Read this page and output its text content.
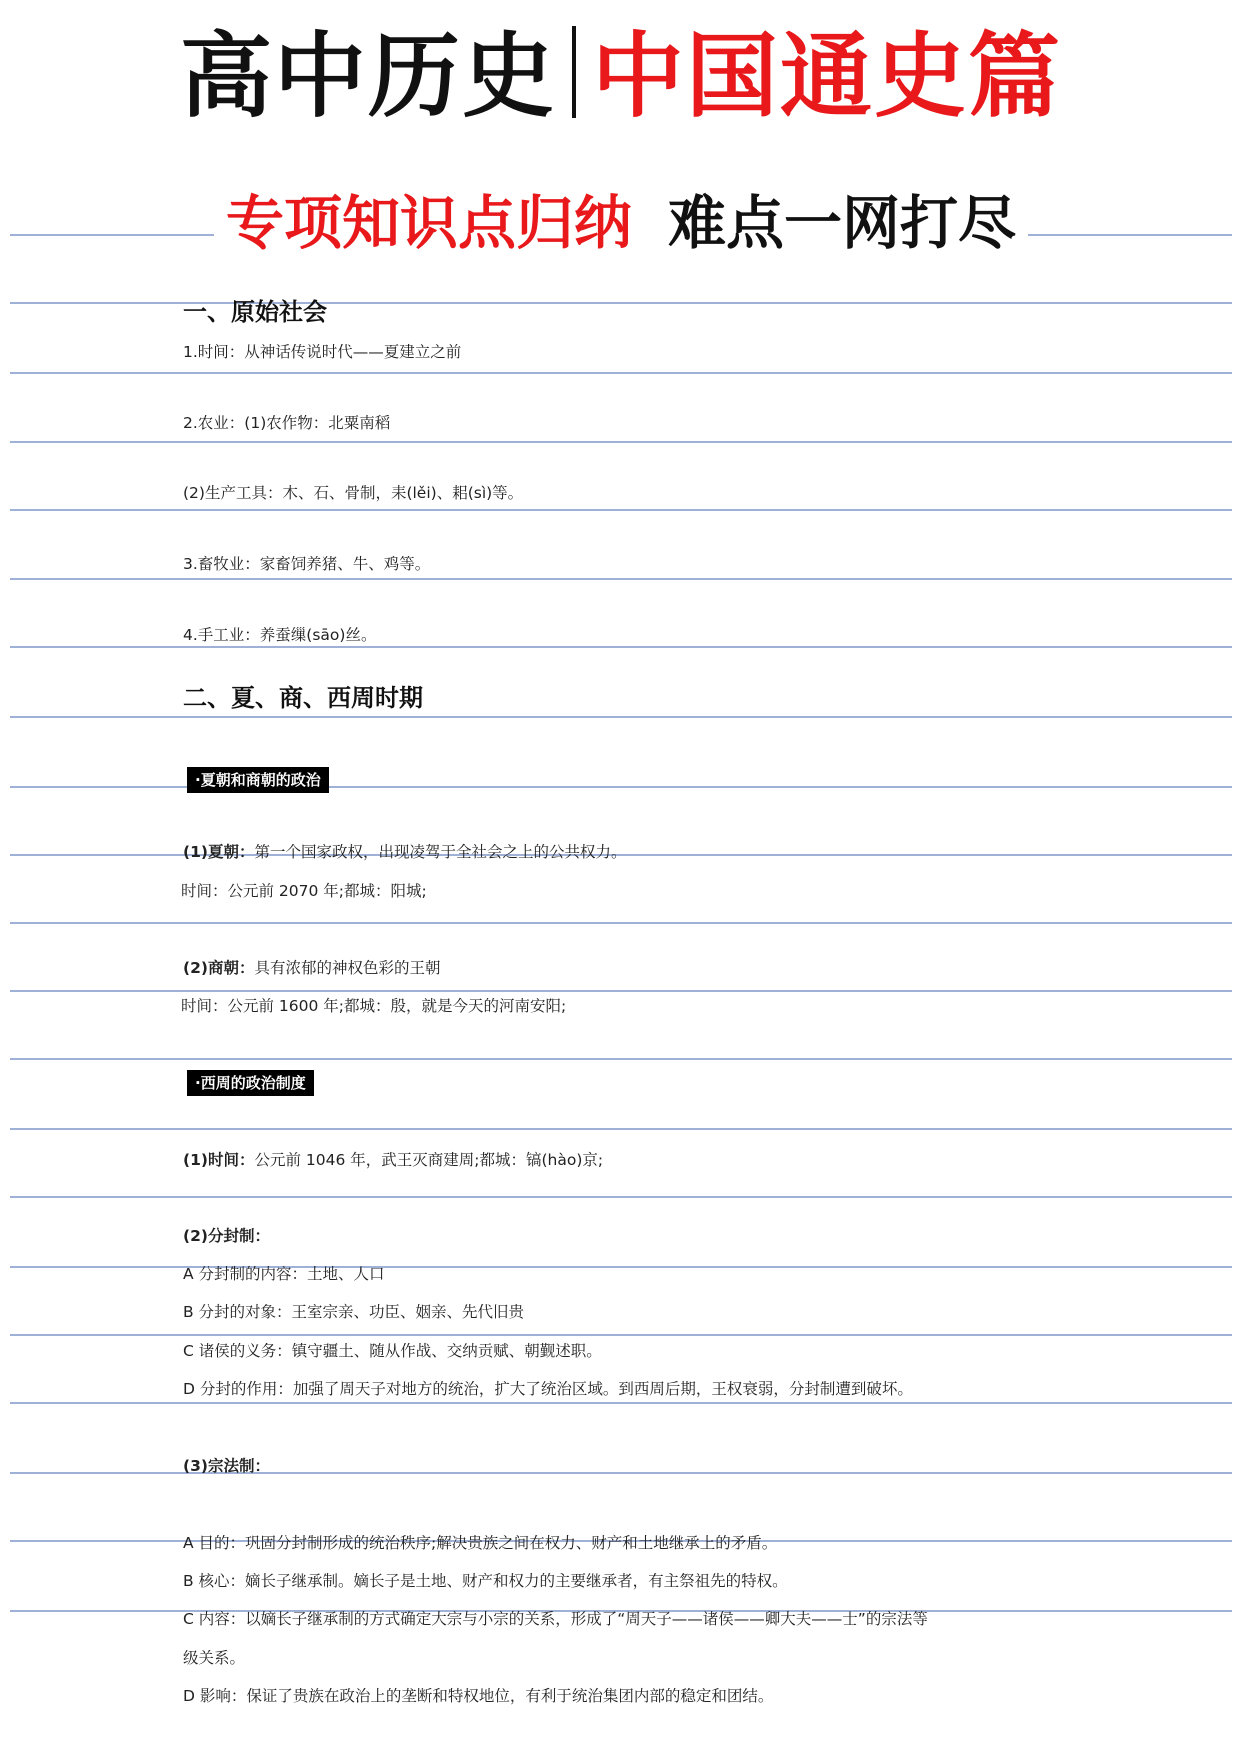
高中历史 中国通史篇
专项知识点归纳 难点一网打尽
一、原始社会
1.时间：从神话传说时代——夏建立之前
2.农业：(1)农作物：北粟南稻
(2)生产工具：木、石、骨制，耒(lěi)、耜(sì)等。
3.畜牧业：家畜饲养猪、牛、鸡等。
4.手工业：养蚕缫(sāo)丝。
二、夏、商、西周时期
·夏朝和商朝的政治
(1)夏朝：第一个国家政权，出现凌驾于全社会之上的公共权力。
时间：公元前 2070 年;都城：阳城;
(2)商朝：具有浓郁的神权色彩的王朝
时间：公元前 1600 年;都城：殷，就是今天的河南安阳;
·西周的政治制度
(1)时间：公元前 1046 年，武王灭商建周;都城：镐(hào)京;
(2)分封制：
A 分封制的内容：土地、人口
B 分封的对象：王室宗亲、功臣、姻亲、先代旧贵
C 诸侯的义务：镇守疆土、随从作战、交纳贡赋、朝觐述职。
D 分封的作用：加强了周天子对地方的统治，扩大了统治区域。到西周后期，王权衰弱，分封制遭到破坏。
(3)宗法制：
A 目的：巩固分封制形成的统治秩序;解决贵族之间在权力、财产和土地继承上的矛盾。
B 核心：嫡长子继承制。嫡长子是土地、财产和权力的主要继承者，有主祭祖先的特权。
C 内容：以嫡长子继承制的方式确定大宗与小宗的关系，形成了“周天子——诸侯——卿大夫——士”的宗法等
级关系。
D 影响：保证了贵族在政治上的垄断和特权地位，有利于统治集团内部的稳定和团结。
